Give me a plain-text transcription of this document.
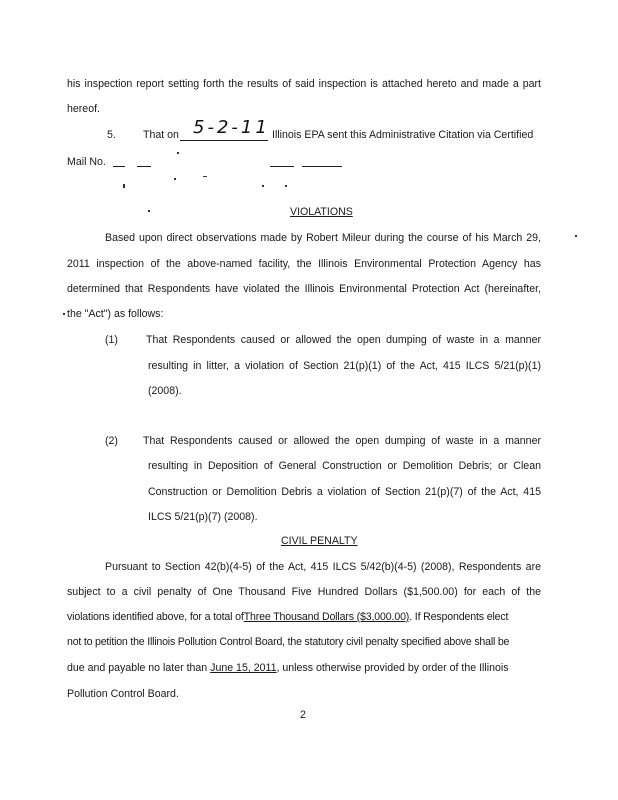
his inspection report setting forth the results of said inspection is attached hereto and made a part
hereof.
5.	That on 5-2-11 Illinois EPA sent this Administrative Citation via Certified
Mail No.
VIOLATIONS
Based upon direct observations made by Robert Mileur during the course of his March 29,
2011 inspection of the above-named facility, the Illinois Environmental Protection Agency has
determined that Respondents have violated the Illinois Environmental Protection Act (hereinafter,
the "Act") as follows:
(1)	That Respondents caused or allowed the open dumping of waste in a manner
resulting in litter, a violation of Section 21(p)(1) of the Act, 415 ILCS 5/21(p)(1)
(2008).
(2) That Respondents caused or allowed the open dumping of waste in a manner
resulting in Deposition of General Construction or Demolition Debris; or Clean
Construction or Demolition Debris a violation of Section 21(p)(7) of the Act, 415
ILCS 5/21(p)(7) (2008).
CIVIL PENALTY
Pursuant to Section 42(b)(4-5) of the Act, 415 ILCS 5/42(b)(4-5) (2008), Respondents are
subject to a civil penalty of One Thousand Five Hundred Dollars ($1,500.00) for each of the
violations identified above, for a total ofThree Thousand Dollars ($3,000.00). If Respondents elect
not to petition the Illinois Pollution Control Board, the statutory civil penalty specified above shall be
due and payable no later than June 15, 2011, unless otherwise provided by order of the Illinois
Pollution Control Board.
2
